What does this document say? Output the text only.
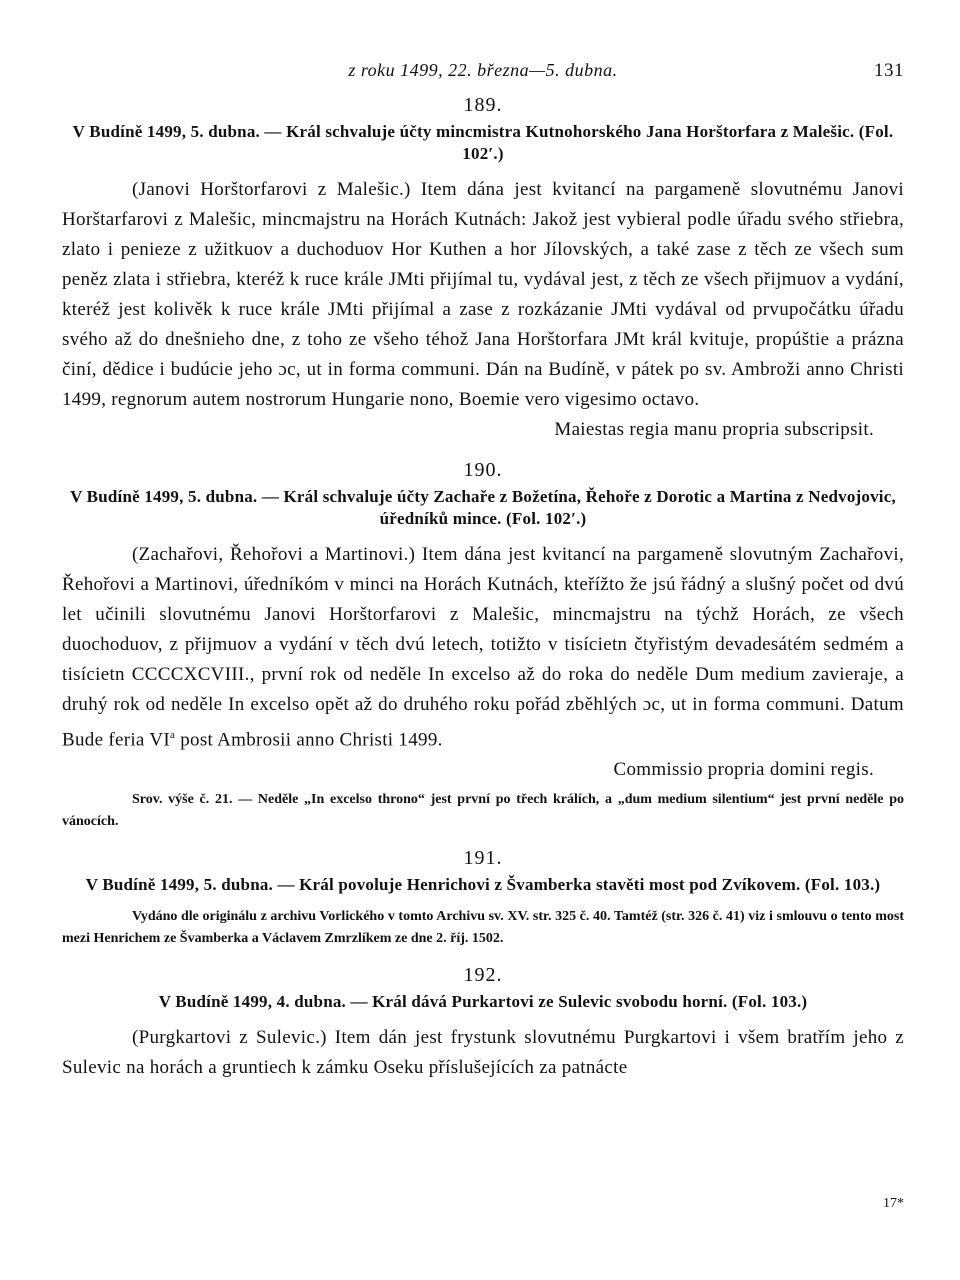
z roku 1499, 22. března—5. dubna.	131
189.
V Budíně 1499, 5. dubna. — Král schvaluje účty mincmistra Kutnohorského Jana Horštorfara z Malešic. (Fol. 102′.)

(Janovi Horštorfarovi z Malešic.) Item dána jest kvitancí na pargameně slovutnému Janovi Horštarfarovi z Malešic, mincmajstru na Horách Kutnách: Jakož jest vybieral podle úřadu svého střiebra, zlato i penieze z užitkuov a duchoduov Hor Kuthen a hor Jílovských, a také zase z těch ze všech sum peněz zlata i střiebra, kteréž k ruce krále JMti přijímal tu, vydával jest, z těch ze všech přijmuov a vydání, kteréž jest kolivěk k ruce krále JMti přijímal a zase z rozkázanie JMti vydával od prvupočátku úřadu svého až do dnešnieho dne, z toho ze všeho téhož Jana Horštorfara JMt král kvituje, propúštie a prázna činí, dědice i budúcie jeho ɔc, ut in forma communi. Dán na Budíně, v pátek po sv. Ambroži anno Christi 1499, regnorum autem nostrorum Hungarie nono, Boemie vero vigesimo octavo.

Maiestas regia manu propria subscripsit.

190.
V Budíně 1499, 5. dubna. — Král schvaluje účty Zachaře z Božetína, Řehoře z Dorotic a Martina z Nedvojovic, úředníků mince. (Fol. 102′.)

(Zachařovi, Řehořovi a Martinovi.) Item dána jest kvitancí na pargameně slovutným Zachařovi, Řehořovi a Martinovi, úředníkóm v minci na Horách Kutnách, kteřížto že jsú řádný a slušný počet od dvú let učinili slovutnému Janovi Horštorfarovi z Malešic, mincmajstru na týchž Horách, ze všech duochoduov, z přijmuov a vydání v těch dvú letech, totižto v tisícietn čtyřistým devadesátém sedmém a tisícietn CCCCXCVIII., první rok od neděle In excelso až do roka do neděle Dum medium zavieraje, a druhý rok od neděle In excelso opět až do druhého roku pořád zběhlých ɔc, ut in forma communi. Datum Bude feria $VI^a$ post Ambrosii anno Christi 1499.

Commissio propria domini regis.

Srov. výše č. 21. — Neděle „In excelso throno“ jest první po třech králích, a „dum medium silentium“ jest první neděle po vánocích.

191.
V Budíně 1499, 5. dubna. — Král povoluje Henrichovi z Švamberka stavěti most pod Zvíkovem. (Fol. 103.)

Vydáno dle originálu z archivu Vorlického v tomto Archivu sv. XV. str. 325 č. 40. Tamtéž (str. 326 č. 41) viz i smlouvu o tento most mezi Henrichem ze Švamberka a Václavem Zmrzlíkem ze dne 2. říj. 1502.

192.
V Budíně 1499, 4. dubna. — Král dává Purkartovi ze Sulevic svobodu horní. (Fol. 103.)

(Purgkartovi z Sulevic.) Item dán jest frystunk slovutnému Purgkartovi i všem bratřím jeho z Sulevic na horách a gruntiech k zámku Oseku příslušejících za patnácte

17*
